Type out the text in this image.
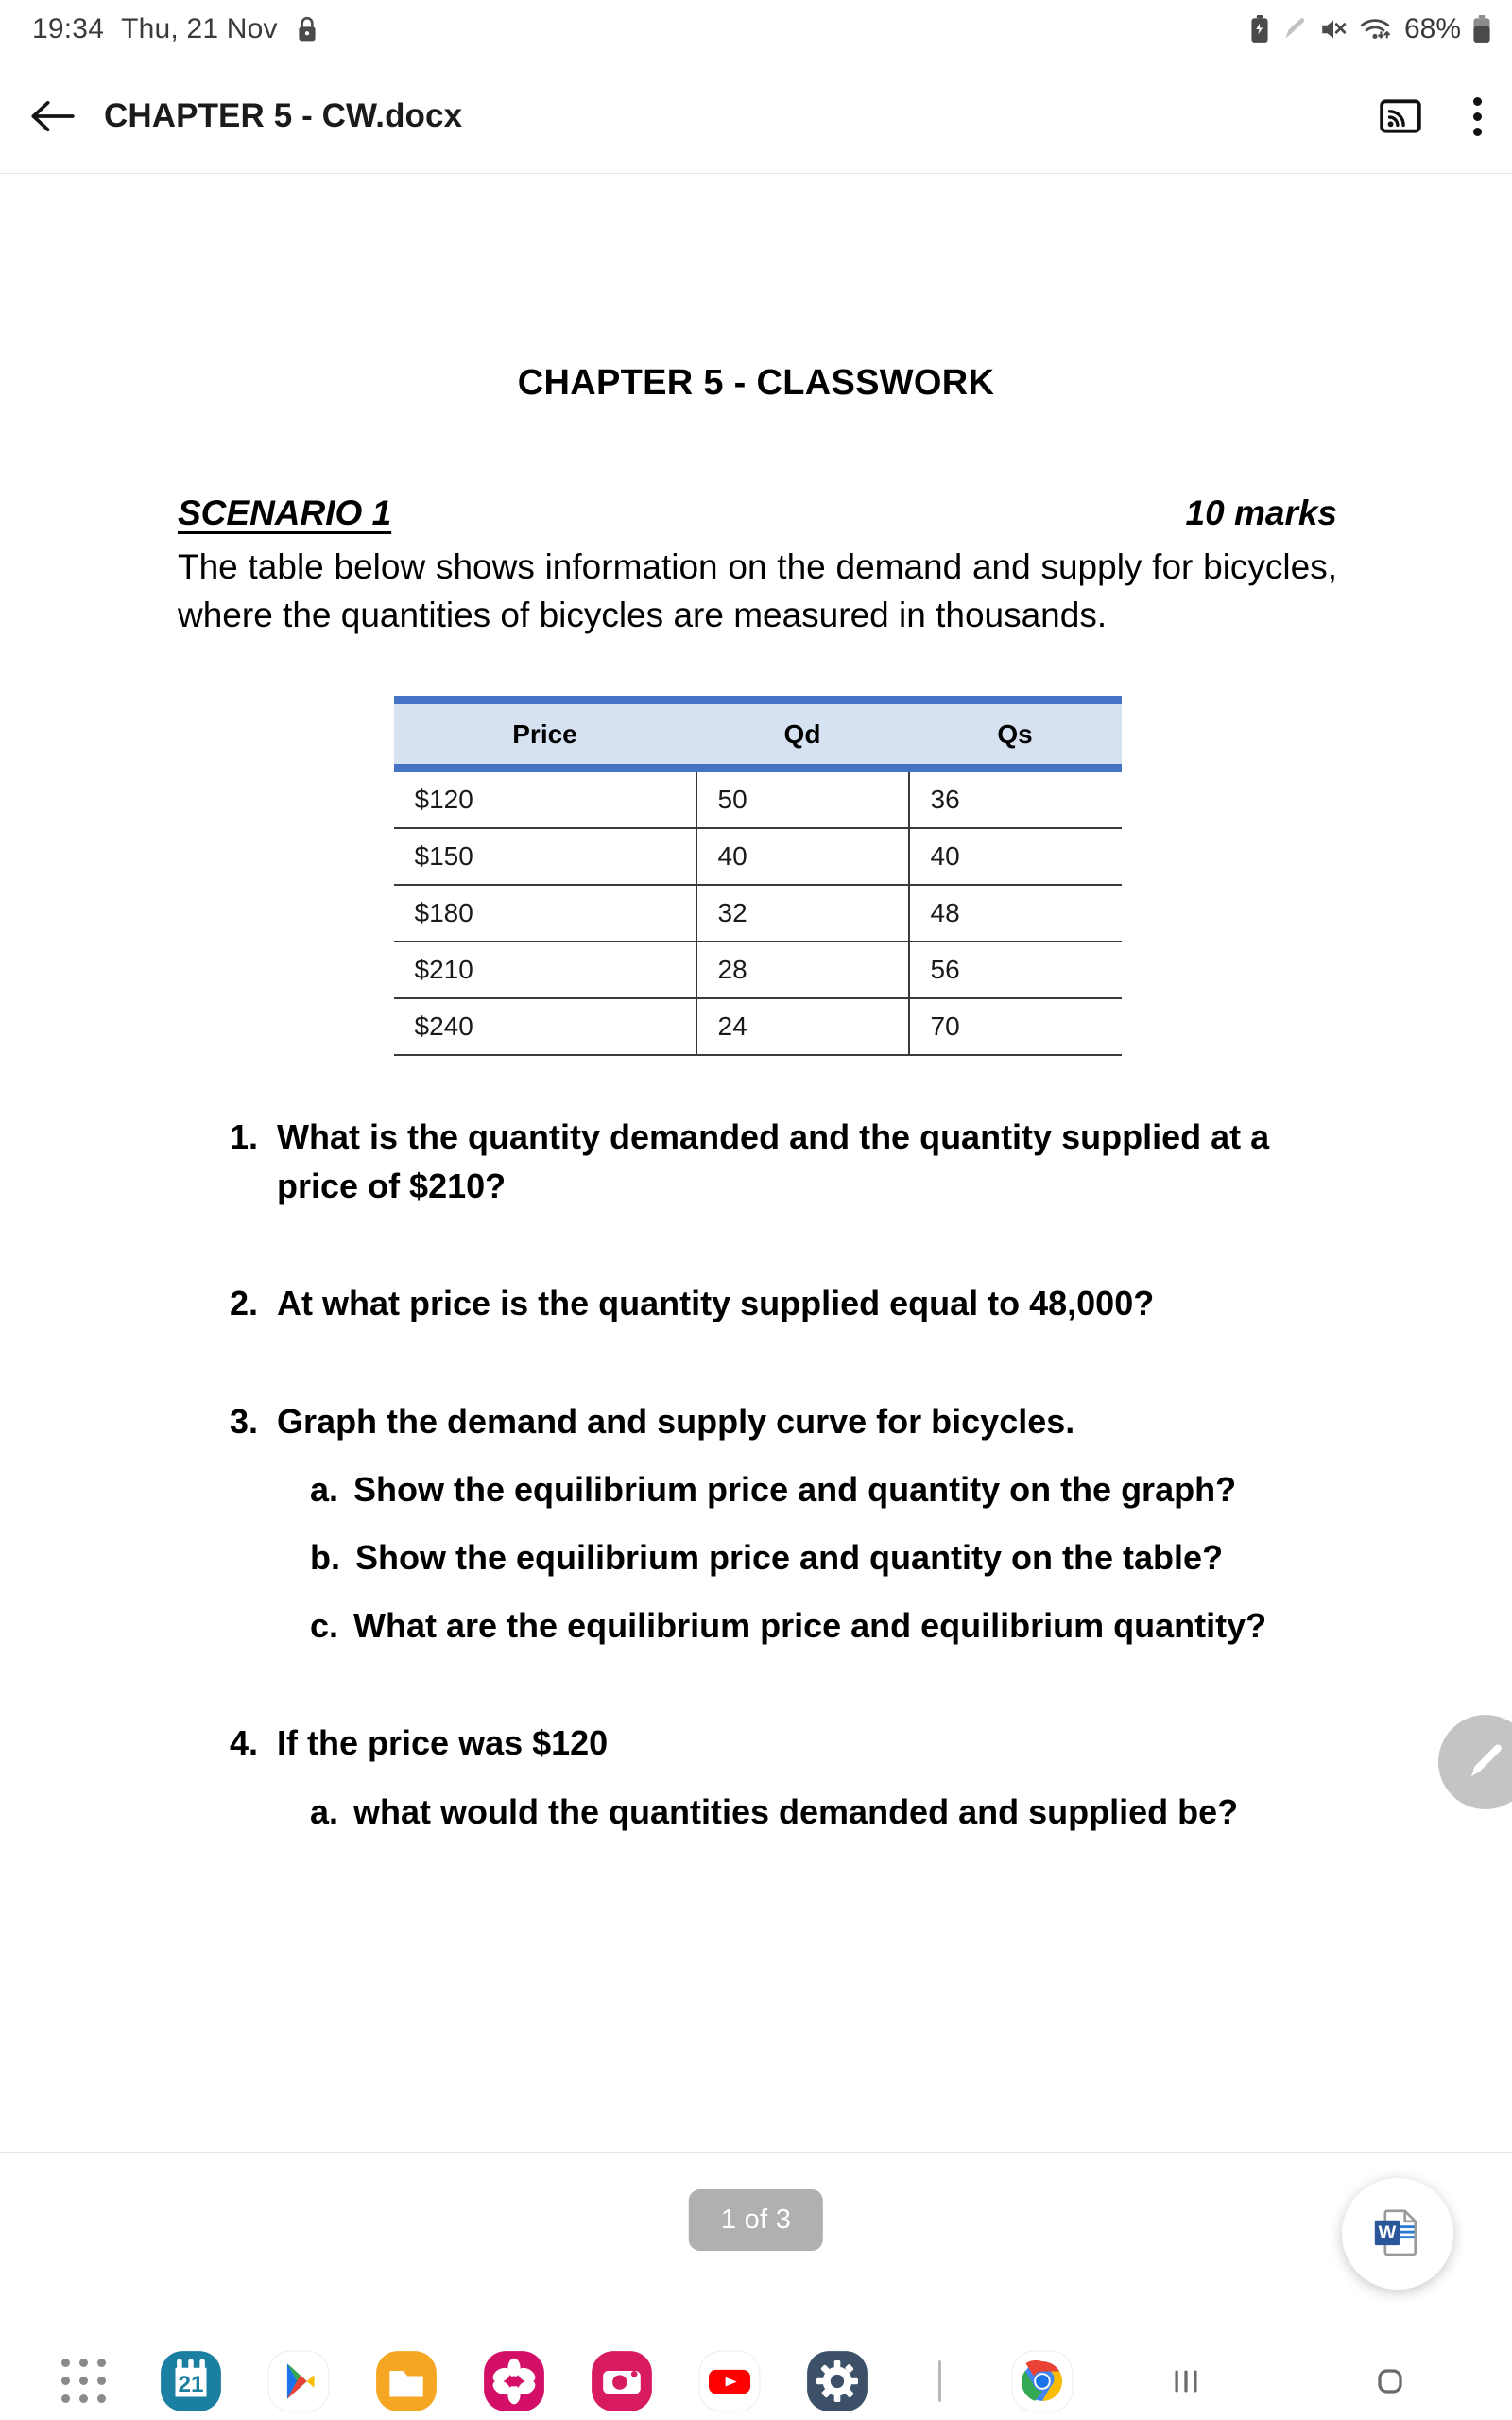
19:34 Thu, 21 Nov	68%
CHAPTER 5 - CW.docx
CHAPTER 5 - CLASSWORK
SCENARIO 1	10 marks

The table below shows information on the demand and supply for bicycles, where the quantities of bicycles are measured in thousands.

Price	Qd	Qs
$120	50	36
$150	40	40
$180	32	48
$210	28	56
$240	24	70
1. What is the quantity demanded and the quantity supplied at a price of $210?
2. At what price is the quantity supplied equal to 48,000?
3. Graph the demand and supply curve for bicycles.
a. Show the equilibrium price and quantity on the graph?
b. Show the equilibrium price and quantity on the table?
c. What are the equilibrium price and equilibrium quantity?
4. If the price was $120
a. what would the quantities demanded and supplied be?
1 of 3	W
21
